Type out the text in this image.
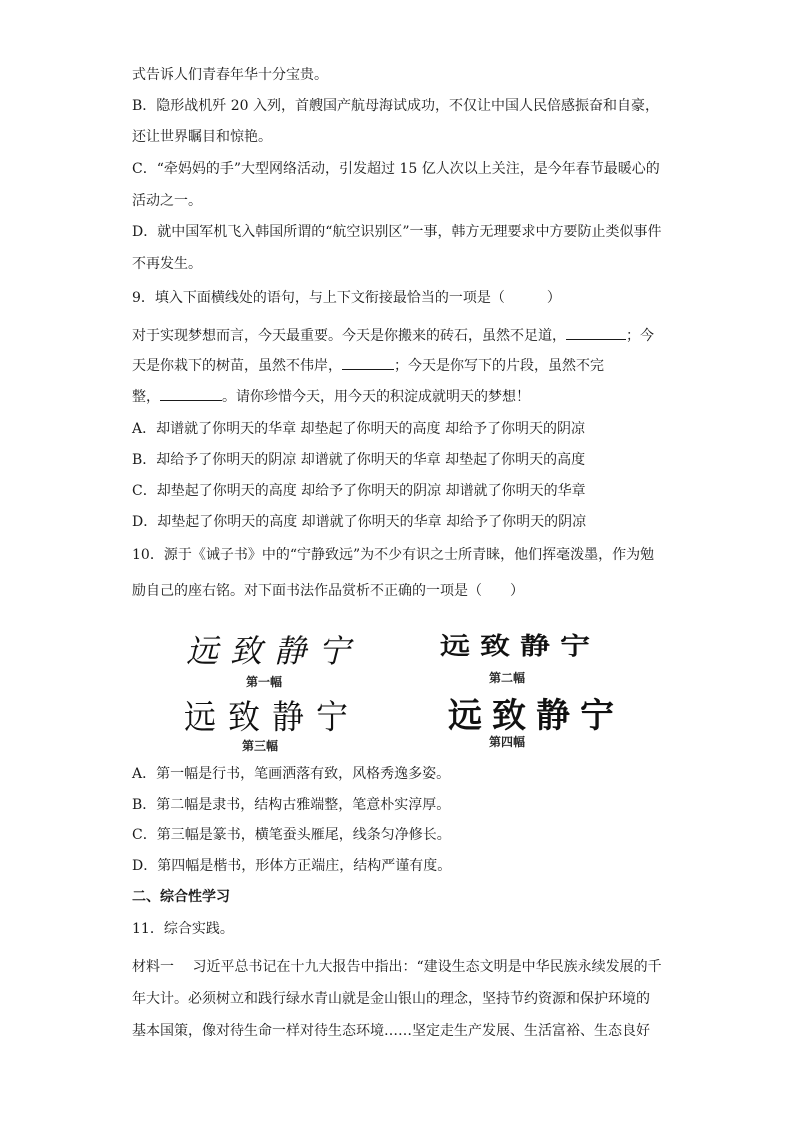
式告诉人们青春年华十分宝贵。
B．隐形战机歼 20 入列，首艘国产航母海试成功，不仅让中国人民倍感振奋和自豪，
还让世界瞩目和惊艳。
C．“牵妈妈的手”大型网络活动，引发超过 15 亿人次以上关注，是今年春节最暖心的
活动之一。
D．就中国军机飞入韩国所谓的“航空识别区”一事，韩方无理要求中方要防止类似事件
不再发生。
9．填入下面横线处的语句，与上下文衔接最恰当的一项是（　　　）
对于实现梦想而言，今天最重要。今天是你搬来的砖石，虽然不足道，	；今
天是你栽下的树苗，虽然不伟岸，	；今天是你写下的片段，虽然不完
整，	。请你珍惜今天，用今天的积淀成就明天的梦想！
A．却谱就了你明天的华章 却垫起了你明天的高度 却给予了你明天的阴凉
B．却给予了你明天的阴凉 却谱就了你明天的华章 却垫起了你明天的高度
C．却垫起了你明天的高度 却给予了你明天的阴凉 却谱就了你明天的华章
D．却垫起了你明天的高度 却谱就了你明天的华章 却给予了你明天的阴凉
10．源于《诫子书》中的“宁静致远”为不少有识之士所青睐，他们挥毫泼墨，作为勉
励自己的座右铭。对下面书法作品赏析不正确的一项是（　　）
远致静宁
第一幅
远致静宁
第二幅
远致静宁
第三幅
远致静宁
第四幅
A．第一幅是行书，笔画洒落有致，风格秀逸多姿。
B．第二幅是隶书，结构古雅端整，笔意朴实淳厚。
C．第三幅是篆书，横笔蚕头雁尾，线条匀净修长。
D．第四幅是楷书，形体方正端庄，结构严谨有度。
二、综合性学习
11．综合实践。
材料一　 习近平总书记在十九大报告中指出：“建设生态文明是中华民族永续发展的千
年大计。必须树立和践行绿水青山就是金山银山的理念，坚持节约资源和保护环境的
基本国策，像对待生命一样对待生态环境……坚定走生产发展、生活富裕、生态良好
